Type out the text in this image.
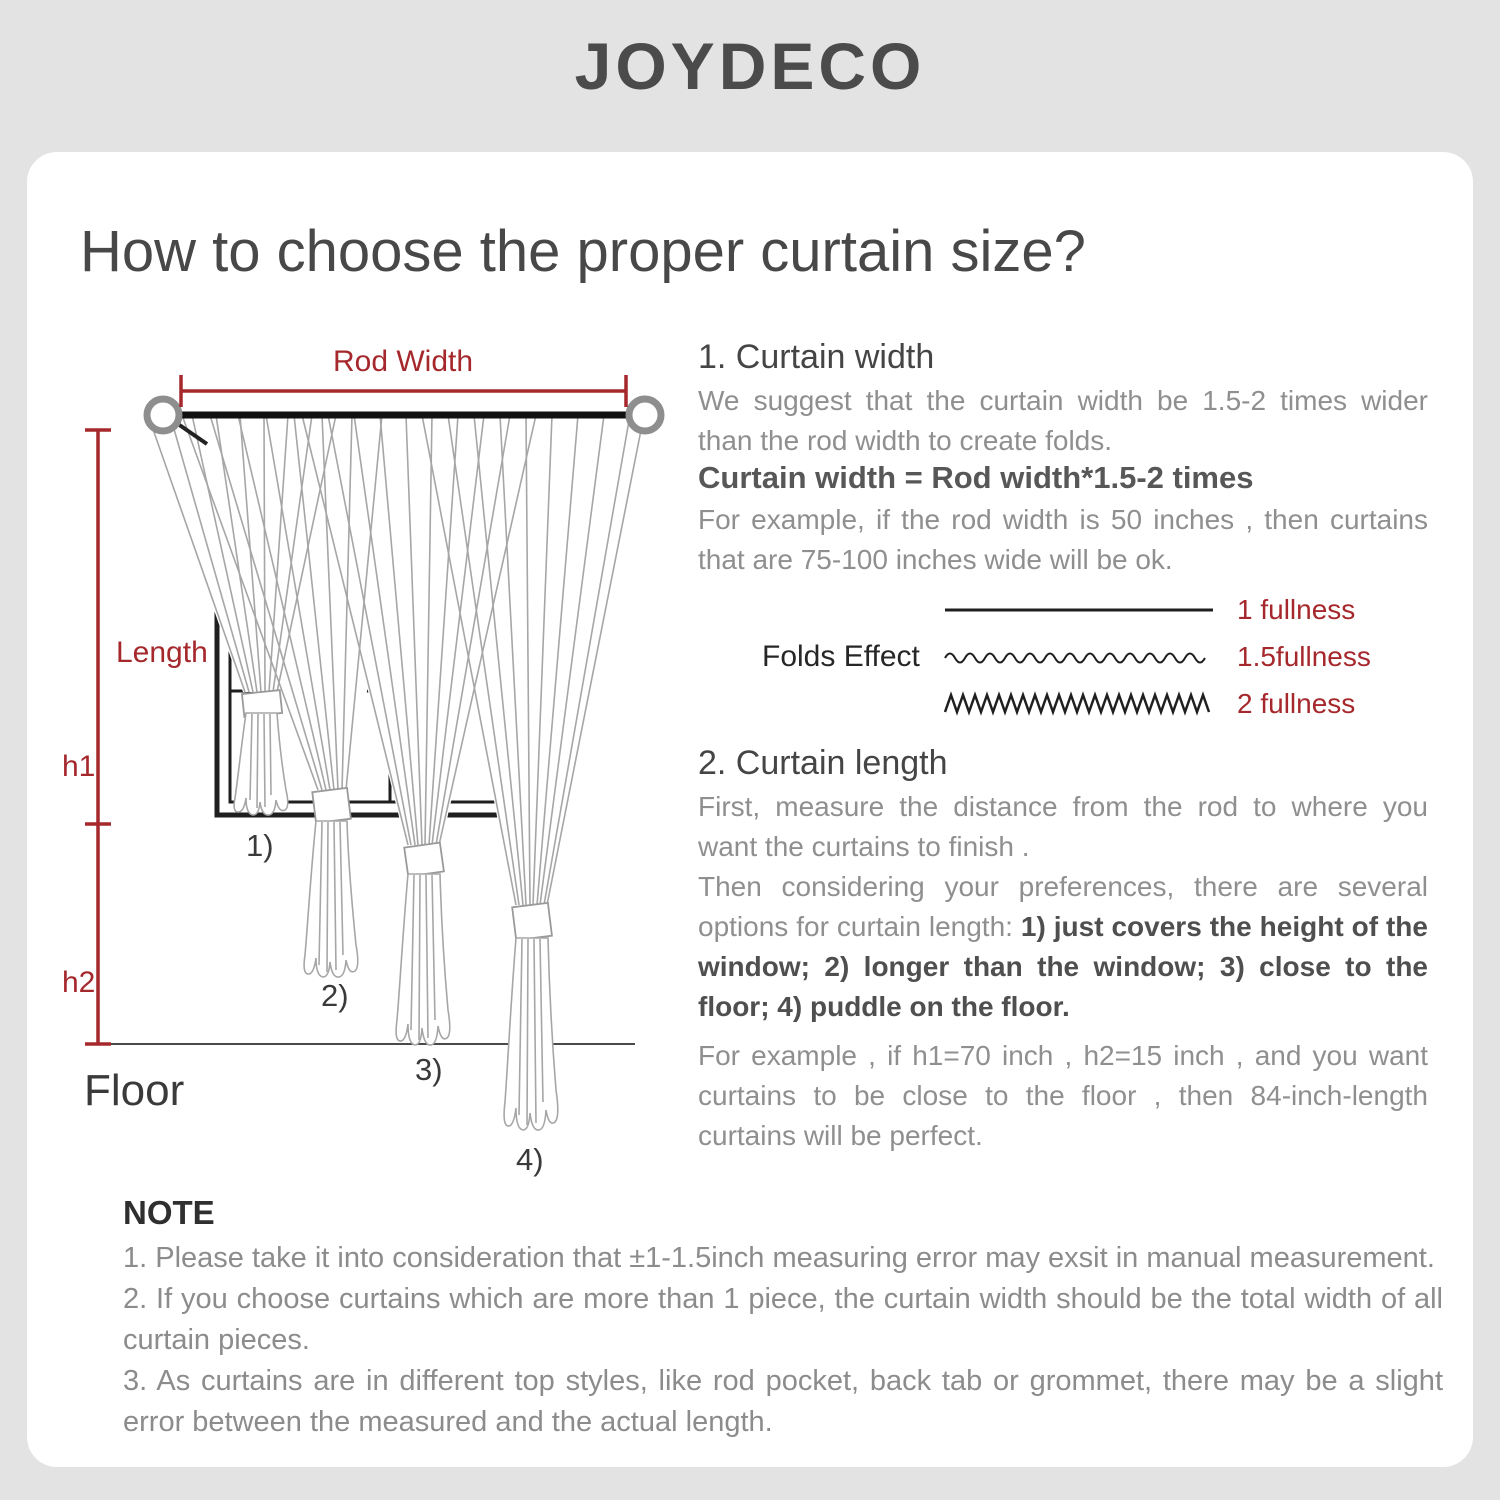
JOYDECO
How to choose the proper curtain size?
Rod Width
Length
h1
h2
Floor
1)
2)
3)
4)
1. Curtain width

We suggest that the curtain width be 1.5-2 times wider than the rod width to create folds.

Curtain width = Rod width*1.5-2 times

For example, if the rod width is 50 inches , then curtains that are 75-100 inches wide will be ok.

Folds Effect
1 fullness
1.5fullness
2 fullness
2. Curtain length

First, measure the distance from the rod to where you want the curtains to finish .

Then considering your preferences, there are several options for curtain length: 1) just covers the height of the window; 2) longer than the window; 3) close to the floor; 4) puddle on the floor.

For example , if h1=70 inch , h2=15 inch , and you want curtains to be close to the floor , then 84-inch-length curtains will be perfect.

NOTE

1. Please take it into consideration that ±1-1.5inch measuring error may exsit in manual measurement.

2. If you choose curtains which are more than 1 piece, the curtain width should be the total width of all curtain pieces.

3. As curtains are in different top styles, like rod pocket, back tab or grommet, there may be a slight error between the measured and the actual length.
